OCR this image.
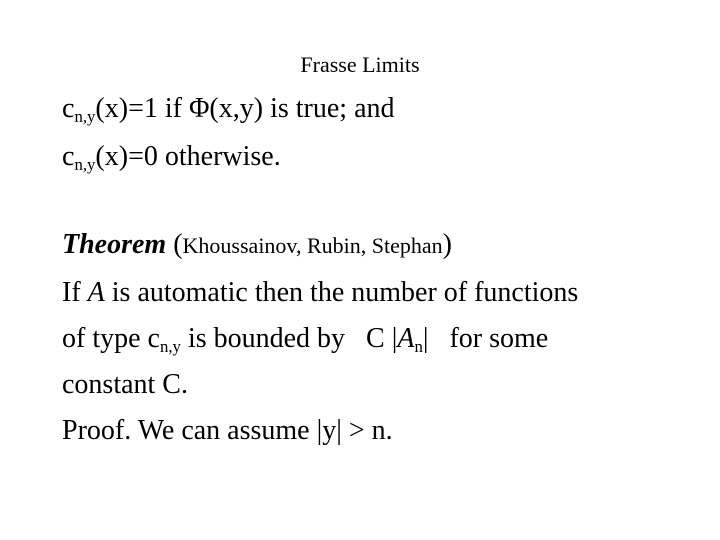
Frasse Limits
$c_{n,y}(x)=1$ if Φ(x,y) is true; and
$c_{n,y}(x)=0$ otherwise.
Theorem (Khoussainov, Rubin, Stephan)
If A is automatic then the number of functions
of type $c_{n,y}$ is bounded by   C $|A_n|$   for some
constant C.
Proof. We can assume |y| > n.
